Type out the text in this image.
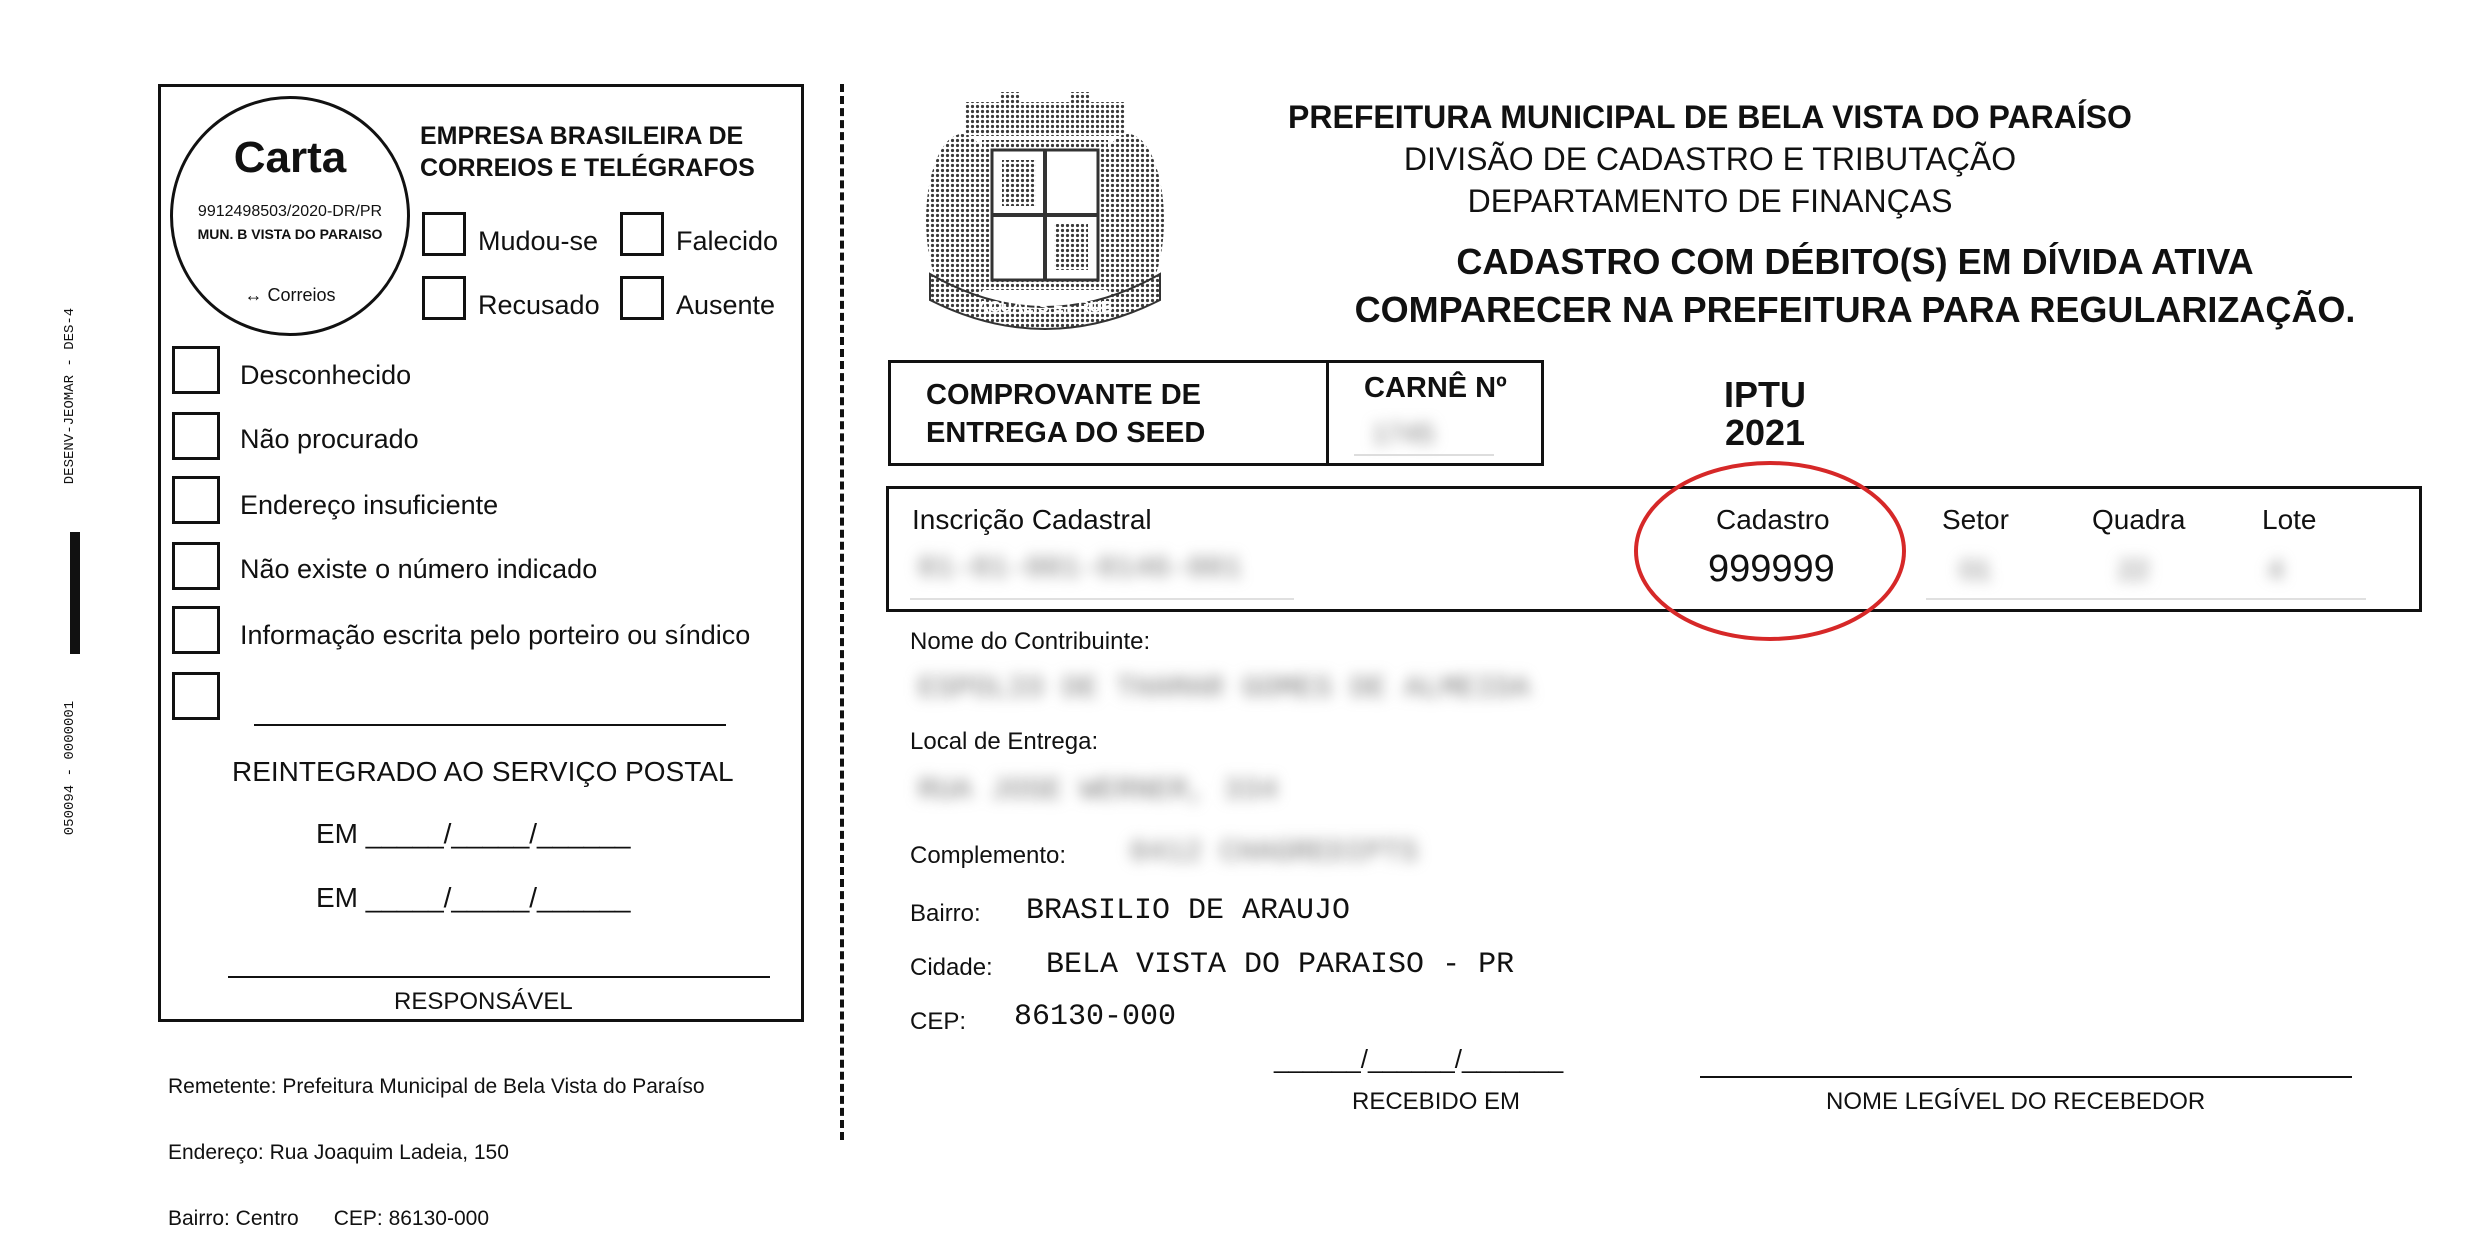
DESENV-JEOMAR - DES-4
050094 - 0000001
Carta
9912498503/2020-DR/PR
MUN. B VISTA DO PARAISO
↔ Correios
EMPRESA BRASILEIRA DE
CORREIOS E TELÉGRAFOS
Mudou-se	Falecido
Recusado	Ausente
Desconhecido
Não procurado
Endereço insuficiente
Não existe o número indicado
Informação escrita pelo porteiro ou síndico
REINTEGRADO AO SERVIÇO POSTAL
EM _____/_____/______
EM _____/_____/______
RESPONSÁVEL

Remetente: Prefeitura Municipal de Bela Vista do Paraíso

Endereço: Rua Joaquim Ladeia, 150

Bairro: Centro      CEP: 86130-000

ACUALIS ET RUB
PREFEITURA MUNICIPAL DE BELA VISTA DO PARAÍSO
DIVISÃO DE CADASTRO E TRIBUTAÇÃO
DEPARTAMENTO DE FINANÇAS
CADASTRO COM DÉBITO(S) EM DÍVIDA ATIVA
COMPARECER NA PREFEITURA PARA REGULARIZAÇÃO.
COMPROVANTE DE
ENTREGA DO SEED
CARNÊ Nº
1745
IPTU
2021
Inscrição Cadastral
01-01-001-0146-001
Cadastro
999999
Setor
01
Quadra
22
Lote
4
Nome do Contribuinte:
ESPOLIO DE THAMAR GOMES DE ALMEIDA
Local de Entrega:
RUA JOSE WERNER, 334
Complemento: 0412 CHAGREDIPTS
Bairro: BRASILIO DE ARAUJO
Cidade: BELA VISTA DO PARAISO - PR
CEP: 86130-000
______/______/_______
RECEBIDO EM	NOME LEGÍVEL DO RECEBEDOR
